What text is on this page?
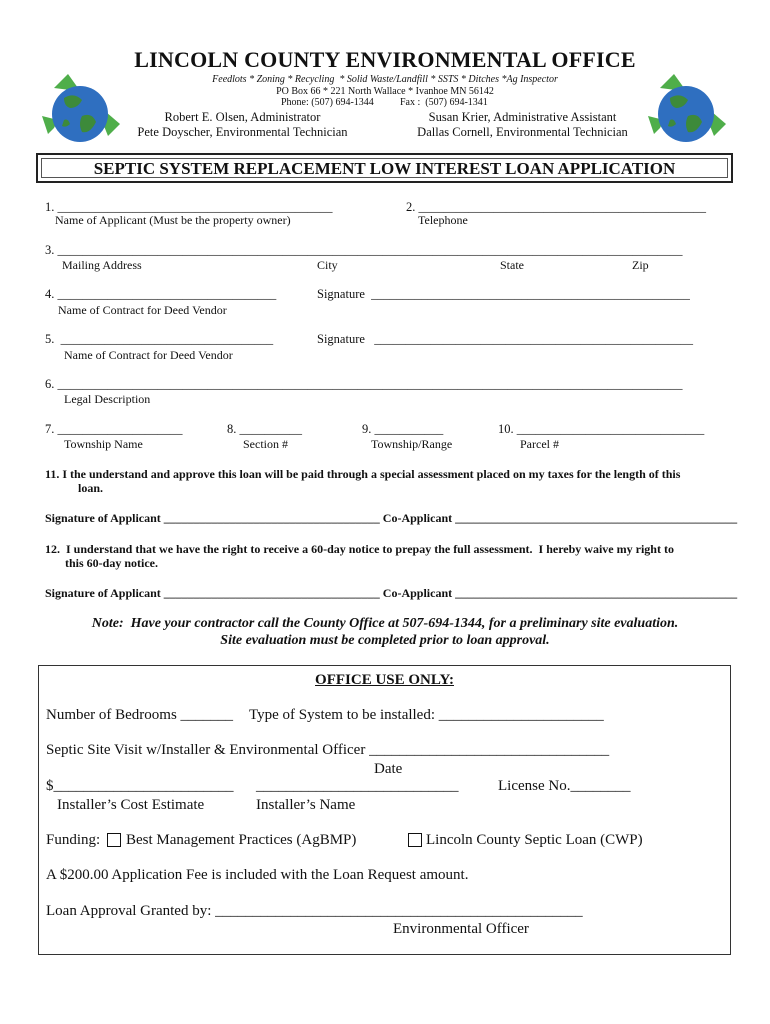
LINCOLN COUNTY ENVIRONMENTAL OFFICE
Feedlots * Zoning * Recycling  * Solid Waste/Landfill * SSTS * Ditches *Ag Inspector
PO Box 66 * 221 North Wallace * Ivanhoe MN 56142
Phone: (507) 694-1344	Fax :  (507) 694-1341
Robert E. Olsen, Administrator
Pete Doyscher, Environmental Technician
Susan Krier, Administrative Assistant
Dallas Cornell, Environmental Technician
SEPTIC SYSTEM REPLACEMENT LOW INTEREST LOAN APPLICATION
1. ____________________________________________
Name of Applicant (Must be the property owner)
2. ______________________________________________
Telephone
3. ____________________________________________________________________________________________________
Mailing Address	City	State	Zip
4. ___________________________________	Signature  ___________________________________________________
Name of Contract for Deed Vendor
5.  __________________________________	Signature   ___________________________________________________
Name of Contract for Deed Vendor
6. ____________________________________________________________________________________________________
Legal Description
7. ____________________
Township Name
8. __________
Section #
9. ___________
Township/Range
10. ______________________________
Parcel #
11. I the understand and approve this loan will be paid through a special assessment placed on my taxes for the length of this
loan.
Signature of Applicant ____________________________________ Co-Applicant _______________________________________________
12.  I understand that we have the right to receive a 60-day notice to prepay the full assessment.  I hereby waive my right to
this 60-day notice.
Signature of Applicant ____________________________________ Co-Applicant _______________________________________________
Note:  Have your contractor call the County Office at 507-694-1344, for a preliminary site evaluation.
Site evaluation must be completed prior to loan approval.
OFFICE USE ONLY:
Number of Bedrooms _______ Type of System to be installed: ______________________
Septic Site Visit w/Installer & Environmental Officer ________________________________
Date
$________________________ ___________________________	License No.________
Installer’s Cost Estimate	Installer’s Name
Funding: Best Management Practices (AgBMP)	Lincoln County Septic Loan (CWP)
A $200.00 Application Fee is included with the Loan Request amount.
Loan Approval Granted by: _________________________________________________
Environmental Officer
